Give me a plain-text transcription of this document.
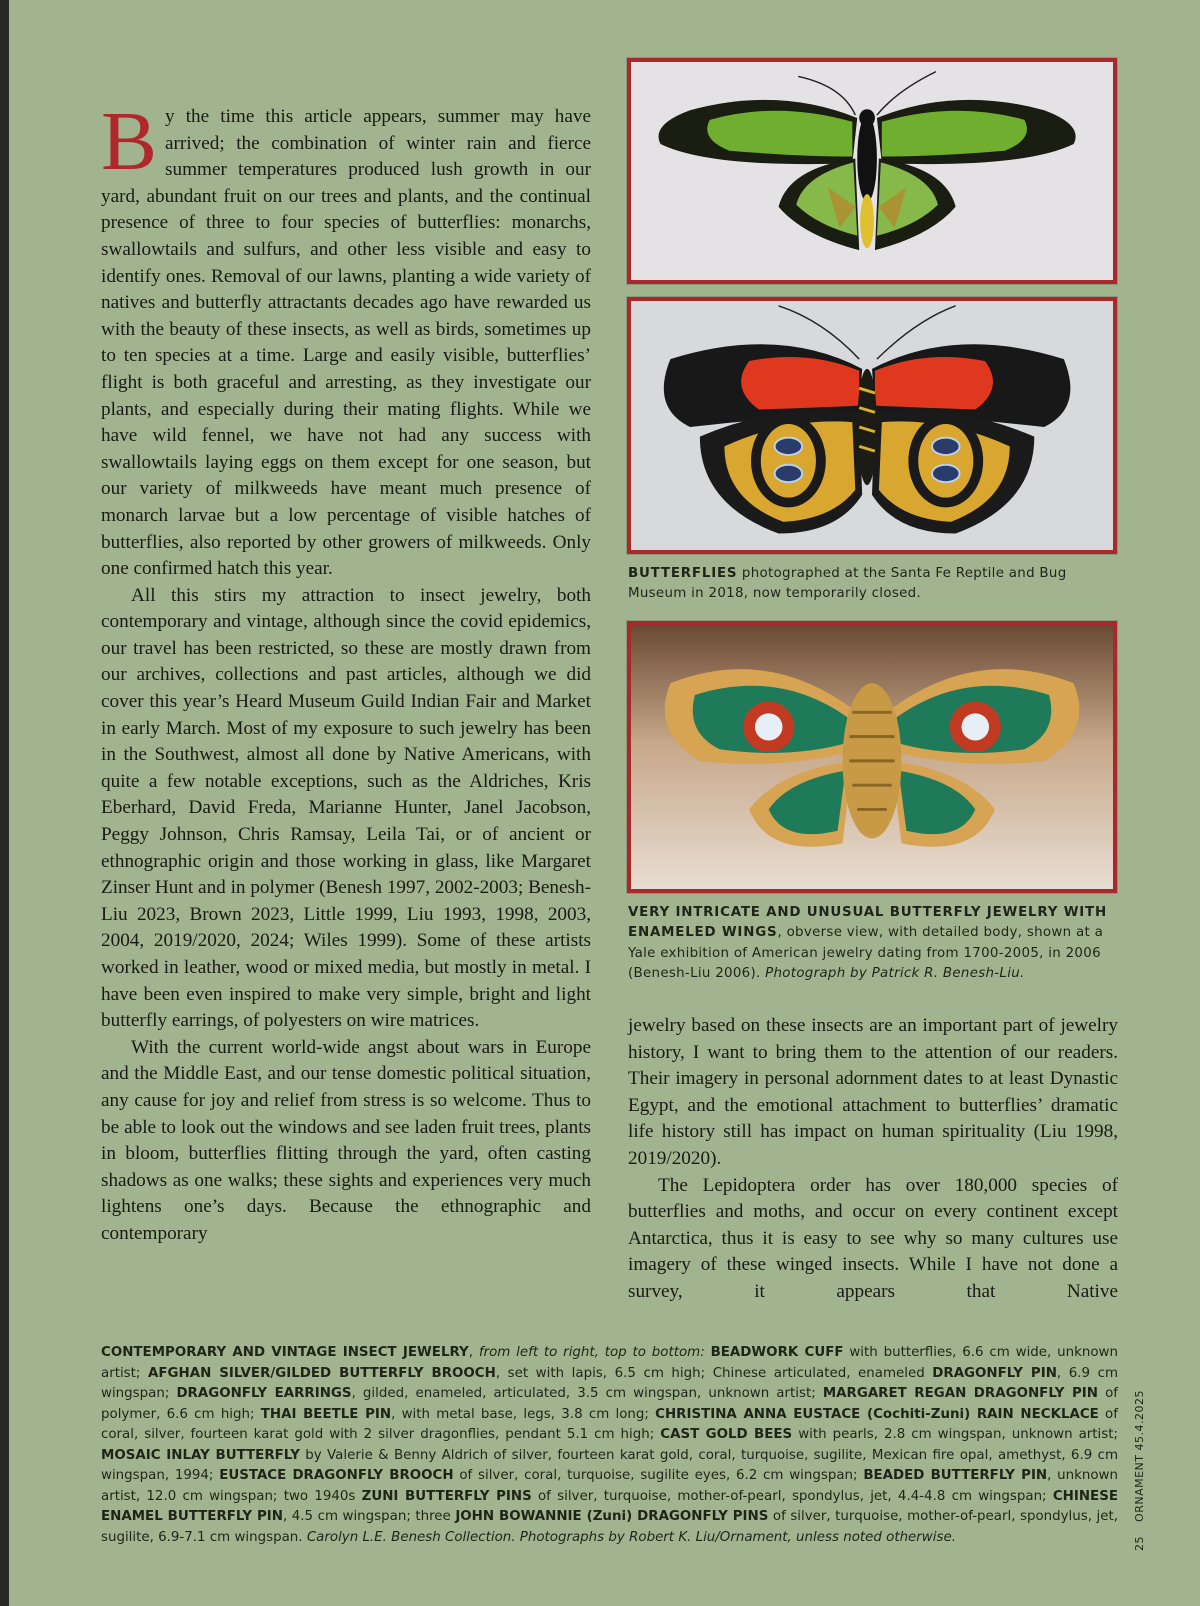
By the time this article appears, summer may have arrived; the combination of winter rain and fierce summer temperatures produced lush growth in our yard, abundant fruit on our trees and plants, and the continual presence of three to four species of butterflies: monarchs, swallowtails and sulfurs, and other less visible and easy to identify ones. Removal of our lawns, planting a wide variety of natives and butterfly attractants decades ago have rewarded us with the beauty of these insects, as well as birds, sometimes up to ten species at a time. Large and easily visible, butterflies’ flight is both graceful and arresting, as they investigate our plants, and especially during their mating flights. While we have wild fennel, we have not had any success with swallowtails laying eggs on them except for one season, but our variety of milkweeds have meant much presence of monarch larvae but a low percentage of visible hatches of butterflies, also reported by other growers of milkweeds. Only one confirmed hatch this year.

All this stirs my attraction to insect jewelry, both contemporary and vintage, although since the covid epidemics, our travel has been restricted, so these are mostly drawn from our archives, collections and past articles, although we did cover this year’s Heard Museum Guild Indian Fair and Market in early March. Most of my exposure to such jewelry has been in the Southwest, almost all done by Native Americans, with quite a few notable exceptions, such as the Aldriches, Kris Eberhard, David Freda, Marianne Hunter, Janel Jacobson, Peggy Johnson, Chris Ramsay, Leila Tai, or of ancient or ethnographic origin and those working in glass, like Margaret Zinser Hunt and in polymer (Benesh 1997, 2002-2003; Benesh-Liu 2023, Brown 2023, Little 1999, Liu 1993, 1998, 2003, 2004, 2019/2020, 2024; Wiles 1999). Some of these artists worked in leather, wood or mixed media, but mostly in metal. I have been even inspired to make very simple, bright and light butterfly earrings, of polyesters on wire matrices.

With the current world-wide angst about wars in Europe and the Middle East, and our tense domestic political situation, any cause for joy and relief from stress is so welcome. Thus to be able to look out the windows and see laden fruit trees, plants in bloom, butterflies flitting through the yard, often casting shadows as one walks; these sights and experiences very much lightens one’s days. Because the ethnographic and contemporary

BUTTERFLIES photographed at the Santa Fe Reptile and Bug Museum in 2018, now temporarily closed.
VERY INTRICATE AND UNUSUAL BUTTERFLY JEWELRY WITH ENAMELED WINGS, obverse view, with detailed body, shown at a Yale exhibition of American jewelry dating from 1700-2005, in 2006 (Benesh-Liu 2006). Photograph by Patrick R. Benesh-Liu.

jewelry based on these insects are an important part of jewelry history, I want to bring them to the attention of our readers. Their imagery in personal adornment dates to at least Dynastic Egypt, and the emotional attachment to butterflies’ dramatic life history still has impact on human spirituality (Liu 1998, 2019/2020).

The Lepidoptera order has over 180,000 species of butterflies and moths, and occur on every continent except Antarctica, thus it is easy to see why so many cultures use imagery of these winged insects. While I have not done a survey, it appears that Native

CONTEMPORARY AND VINTAGE INSECT JEWELRY, from left to right, top to bottom: BEADWORK CUFF with butterflies, 6.6 cm wide, unknown artist; AFGHAN SILVER/GILDED BUTTERFLY BROOCH, set with lapis, 6.5 cm high; Chinese articulated, enameled DRAGONFLY PIN, 6.9 cm wingspan; DRAGONFLY EARRINGS, gilded, enameled, articulated, 3.5 cm wingspan, unknown artist; MARGARET REGAN DRAGONFLY PIN of polymer, 6.6 cm high; THAI BEETLE PIN, with metal base, legs, 3.8 cm long; CHRISTINA ANNA EUSTACE (Cochiti-Zuni) RAIN NECKLACE of coral, silver, fourteen karat gold with 2 silver dragonflies, pendant 5.1 cm high; CAST GOLD BEES with pearls, 2.8 cm wingspan, unknown artist; MOSAIC INLAY BUTTERFLY by Valerie & Benny Aldrich of silver, fourteen karat gold, coral, turquoise, sugilite, Mexican fire opal, amethyst, 6.9 cm wingspan, 1994; EUSTACE DRAGONFLY BROOCH of silver, coral, turquoise, sugilite eyes, 6.2 cm wingspan; BEADED BUTTERFLY PIN, unknown artist, 12.0 cm wingspan; two 1940s ZUNI BUTTERFLY PINS of silver, turquoise, mother-of-pearl, spondylus, jet, 4.4-4.8 cm wingspan; CHINESE ENAMEL BUTTERFLY PIN, 4.5 cm wingspan; three JOHN BOWANNIE (Zuni) DRAGONFLY PINS of silver, turquoise, mother-of-pearl, spondylus, jet, sugilite, 6.9-7.1 cm wingspan. Carolyn L.E. Benesh Collection. Photographs by Robert K. Liu/Ornament, unless noted otherwise.	25  ORNAMENT 45.4.2025
